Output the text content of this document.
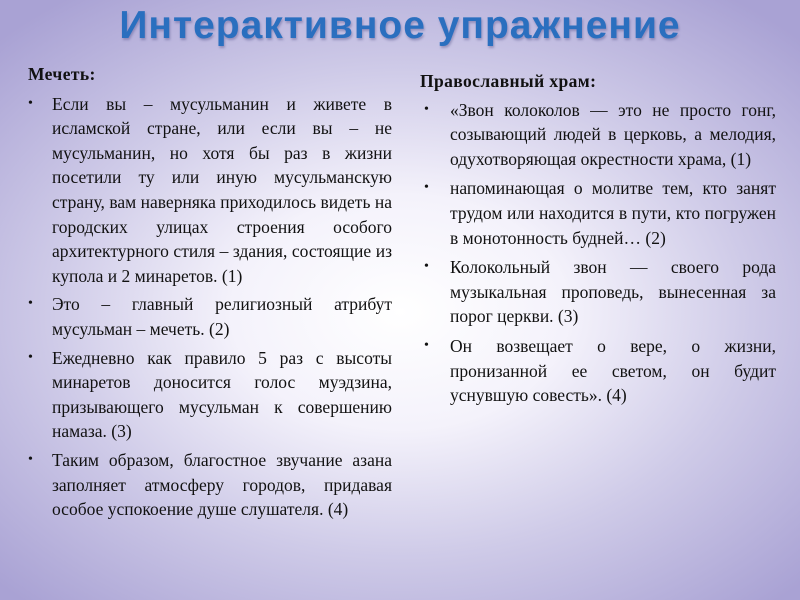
Интерактивное упражнение
Мечеть:
• Если вы – мусульманин и живете в исламской стране, или если вы – не мусульманин, но хотя бы раз в жизни посетили ту или иную мусульманскую страну, вам наверняка приходилось видеть на городских улицах строения особого архитектурного стиля – здания, состоящие из купола и 2 минаретов. (1)
• Это – главный религиозный атрибут мусульман – мечеть. (2)
• Ежедневно как правило 5 раз с высоты минаретов доносится голос муэдзина, призывающего мусульман к совершению намаза. (3)
• Таким образом, благостное звучание азана заполняет атмосферу городов, придавая особое успокоение душе слушателя. (4)
Православный храм:
• «Звон колоколов — это не просто гонг, созывающий людей в церковь, а мелодия, одухотворяющая окрестности храма, (1)
• напоминающая о молитве тем, кто занят трудом или находится в пути, кто погружен в монотонность будней… (2)
• Колокольный звон — своего рода музыкальная проповедь, вынесенная за порог церкви. (3)
• Он возвещает о вере, о жизни, пронизанной ее светом, он будит уснувшую совесть». (4)
